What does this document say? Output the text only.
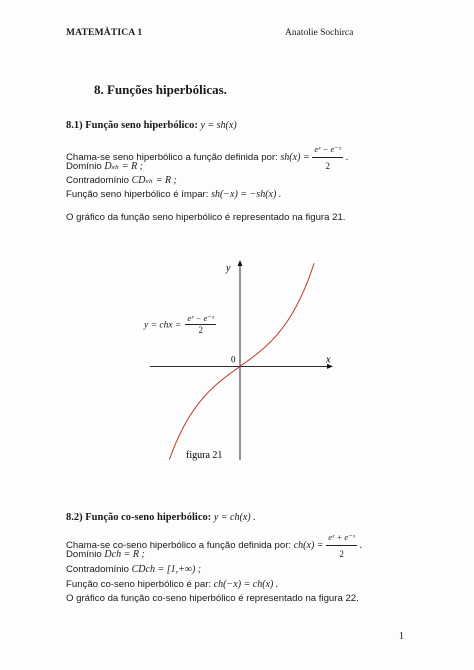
MATEMÀTICA 1	Anatolie Sochirca
8. Funções hiperbólicas.
8.1) Função seno hiperbólico: y = sh(x)
Chama-se seno hiperbólico a função definida por: $sh(x) = \frac{\text{eˣ − e⁻ˣ}}{2}$ .
Domínio Dₛₕ = R ;
Contradomínio CDₛₕ = R ;
Função seno hiperbólico é ímpar: sh(−x) = −sh(x) .
O gráfico da função seno hiperbólico é representado na figura 21.
y
x
0
figura 21
y = chx = $\frac{\text{eˣ − e⁻ˣ}}{2}$
8.2) Função co-seno hiperbólico: y = ch(x) .
Chama-se co-seno hiperbólico a função definida por: $ch(x) = \frac{\text{eˣ + e⁻ˣ}}{2}$ .
Domínio Dch = R ;
Contradomínio CDch = [1,+∞) ;
Função co-seno hiperbólico é par: ch(−x) = ch(x) .
O gráfico da função co-seno hiperbólico é representado na figura 22.
1
